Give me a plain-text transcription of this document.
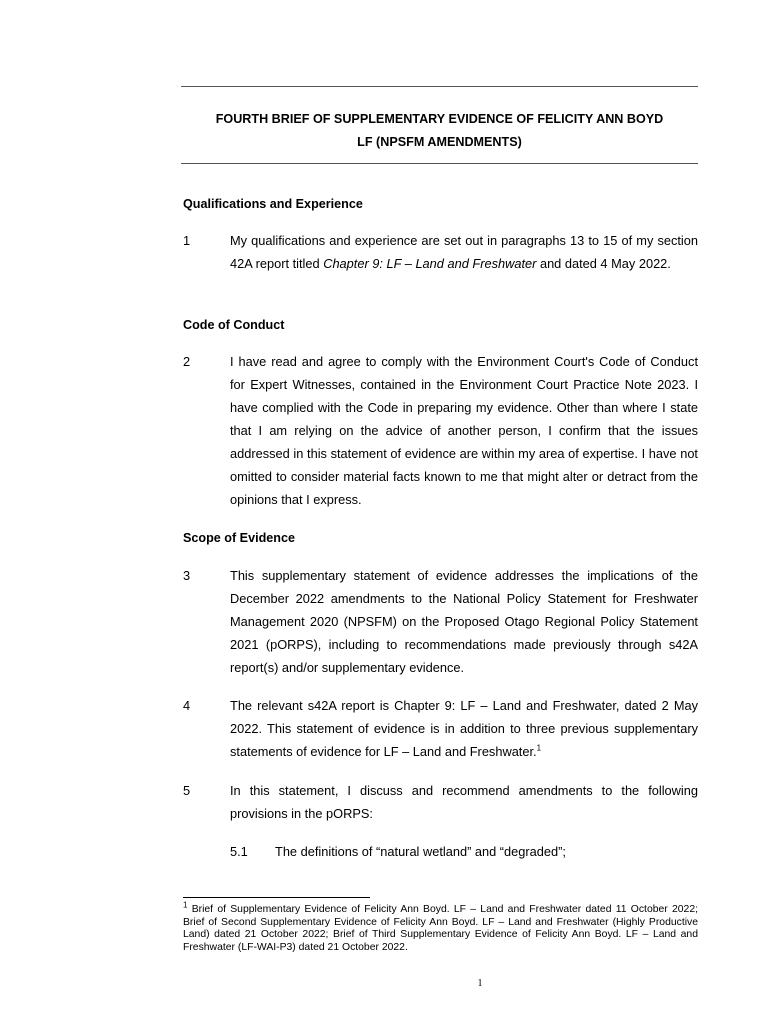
FOURTH BRIEF OF SUPPLEMENTARY EVIDENCE OF FELICITY ANN BOYD
LF (NPSFM AMENDMENTS)
Qualifications and Experience
1	My qualifications and experience are set out in paragraphs 13 to 15 of my section 42A report titled Chapter 9: LF – Land and Freshwater and dated 4 May 2022.
Code of Conduct
2	I have read and agree to comply with the Environment Court's Code of Conduct for Expert Witnesses, contained in the Environment Court Practice Note 2023. I have complied with the Code in preparing my evidence. Other than where I state that I am relying on the advice of another person, I confirm that the issues addressed in this statement of evidence are within my area of expertise. I have not omitted to consider material facts known to me that might alter or detract from the opinions that I express.
Scope of Evidence
3	This supplementary statement of evidence addresses the implications of the December 2022 amendments to the National Policy Statement for Freshwater Management 2020 (NPSFM) on the Proposed Otago Regional Policy Statement 2021 (pORPS), including to recommendations made previously through s42A report(s) and/or supplementary evidence.
4	The relevant s42A report is Chapter 9: LF – Land and Freshwater, dated 2 May 2022. This statement of evidence is in addition to three previous supplementary statements of evidence for LF – Land and Freshwater.$^1$
5	In this statement, I discuss and recommend amendments to the following provisions in the pORPS:
5.1 The definitions of “natural wetland” and “degraded”;
$^1$ Brief of Supplementary Evidence of Felicity Ann Boyd. LF – Land and Freshwater dated 11 October 2022; Brief of Second Supplementary Evidence of Felicity Ann Boyd. LF – Land and Freshwater (Highly Productive Land) dated 21 October 2022; Brief of Third Supplementary Evidence of Felicity Ann Boyd. LF – Land and Freshwater (LF-WAI-P3) dated 21 October 2022.
1
